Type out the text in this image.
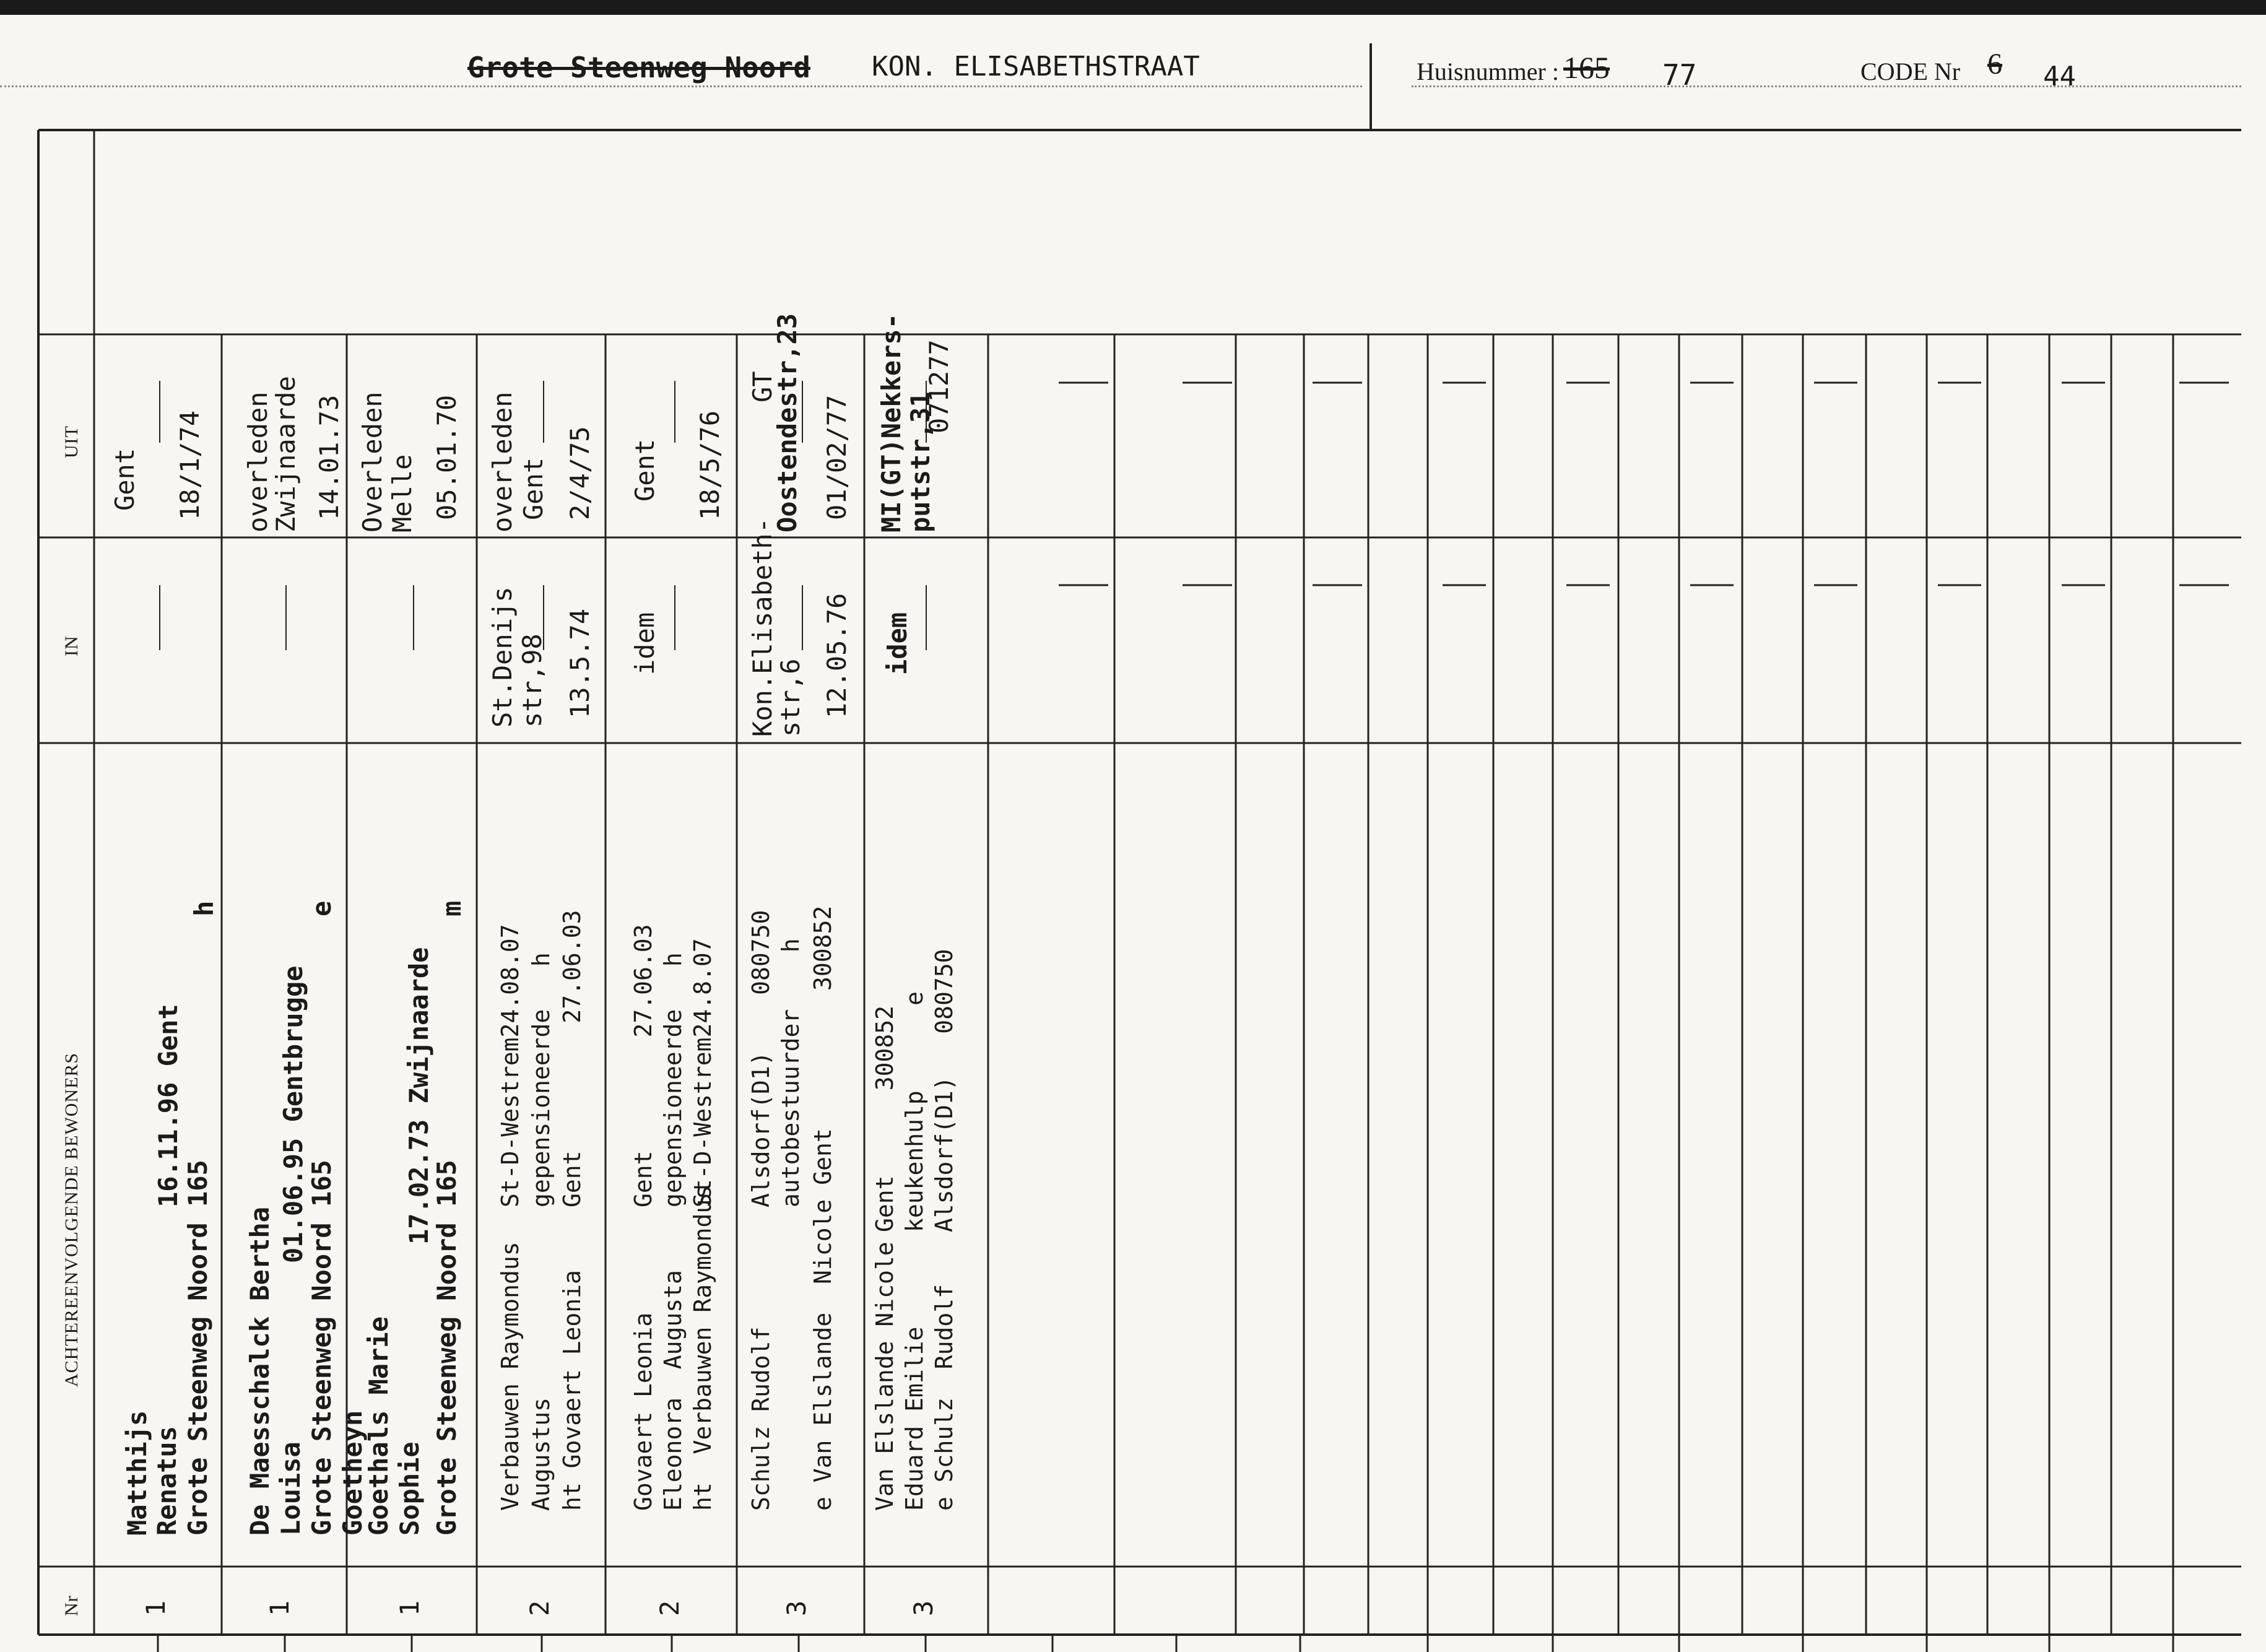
Grote Steenweg Noord KON. ELISABETHSTRAAT	Huisnummer : 165 77	CODE Nr 6 44
Nr
ACHTEREENVOLGENDE BEWONERS
IN
UIT
1
Matthijs Renatus Grote Steenweg Noord 165
16.11.96 Gent
h
Gent 18/1/74
1
De Maesschalck Bertha Louisa Grote Steenweg Noord 165
01.06.95 Gentbrugge
e
overleden
Zwijnaarde 14.01.73
1
Goethals Marie
Goetheyn Sophie Grote Steenweg Noord 165
17.02.73 Zwijnaarde
m
Overleden Melle 05.01.70
2
Verbauwen Raymondus Augustus ht Govaert Leonia
St-D-Westrem24.08.07 gepensioneerde   h Gent         27.06.03
St.Denijs str,98 13.5.74
overleden Gent 2/4/75
2
Govaert Leonia Eleonora  Augusta ht  Verbauwen Raymondus
Gent        27.06.03 gepensioneerde   h St-D-Westrem24.8.07
idem
Gent 18/5/76
3
Schulz Rudolf e Van Elslande  Nicole Gent
Alsdorf(D1)    080750 autobestuurder    h 300852
Kon.Elisabeth-
str,6 12.05.76
GT
Oostendestr,23 01/02/77
3
Van Elslande Nicole Eduard Emilie e Schulz  Rudolf
Gent      300852 keukenhulp      e Alsdorf(D1)   080750
idem
MI(GT)Nekkers-
putstr,31
071277
